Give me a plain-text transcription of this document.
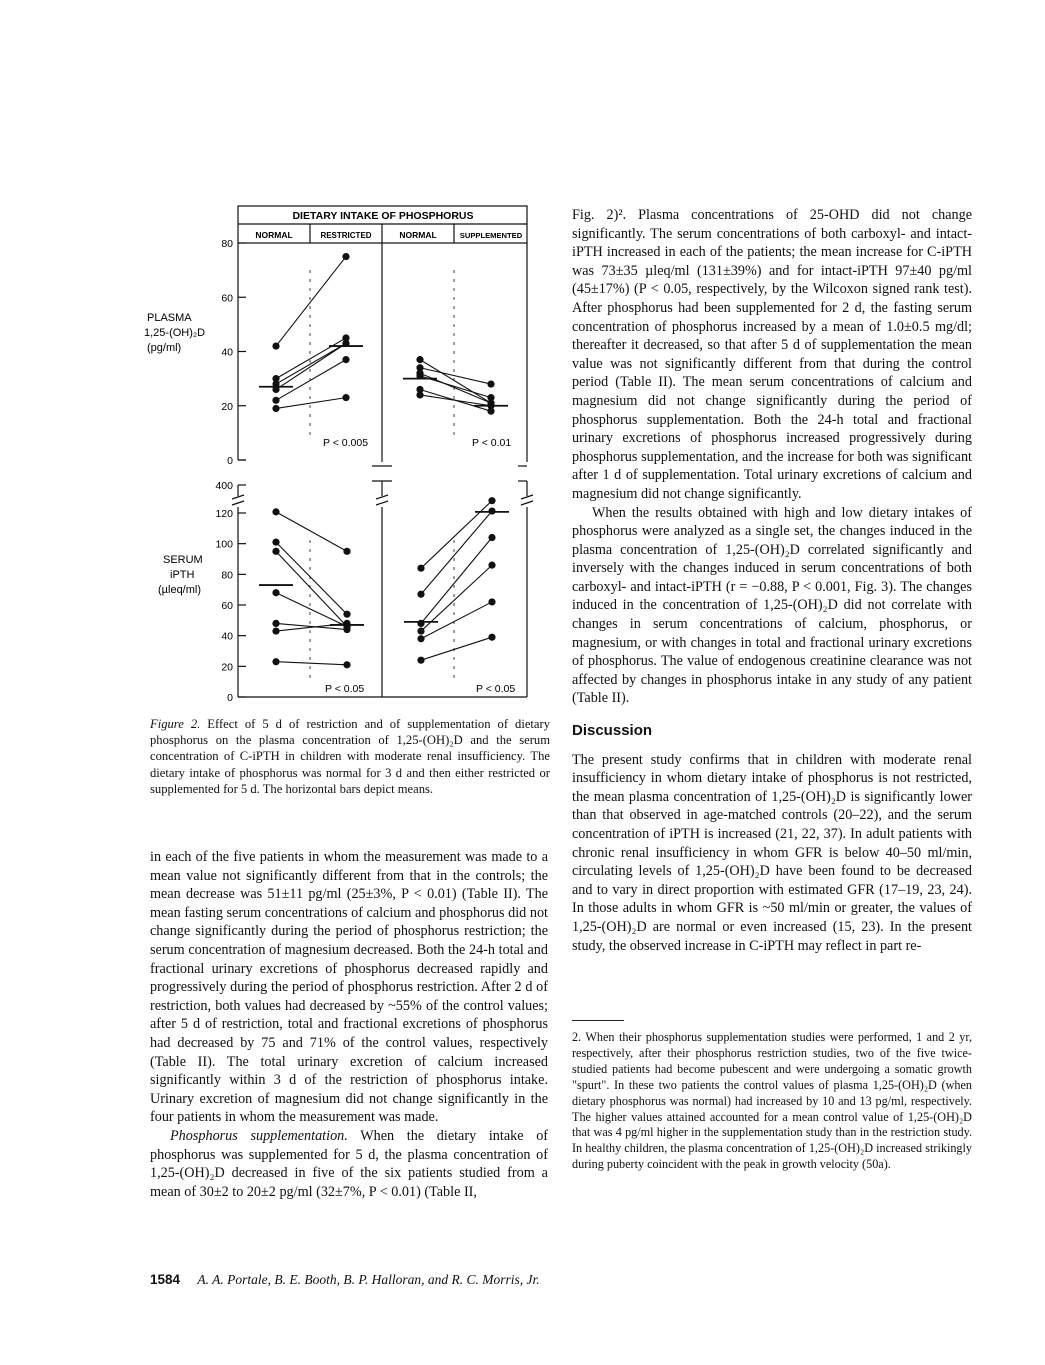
DIETARY INTAKE OF PHOSPHORUS
NORMAL	RESTRICTED	NORMAL	SUPPLEMENTED
PLASMA
1,25-(OH)₂D
(pg/ml)
SERUM
iPTH
(µleq/ml)
80
60
40
20
0
400
120
100
80
60
40
20
0
P < 0.005	P < 0.01
P < 0.05	P < 0.05
Figure 2. Effect of 5 d of restriction and of supplementation of dietary phosphorus on the plasma concentration of 1,25-(OH)₂D and the serum concentration of C-iPTH in children with moderate renal insufficiency. The dietary intake of phosphorus was normal for 3 d and then either restricted or supplemented for 5 d. The horizontal bars depict means.

in each of the five patients in whom the measurement was made to a mean value not significantly different from that in the controls; the mean decrease was 51±11 pg/ml (25±3%, P < 0.01) (Table II). The mean fasting serum concentrations of calcium and phosphorus did not change significantly during the period of phosphorus restriction; the serum concentration of magnesium decreased. Both the 24-h total and fractional urinary excretions of phosphorus decreased rapidly and progressively during the period of phosphorus restriction. After 2 d of restriction, both values had decreased by ~55% of the control values; after 5 d of restriction, total and fractional excretions of phosphorus had decreased by 75 and 71% of the control values, respectively (Table II). The total urinary excretion of calcium increased significantly within 3 d of the restriction of phosphorus intake. Urinary excretion of magnesium did not change significantly in the four patients in whom the measurement was made.

Phosphorus supplementation. When the dietary intake of phosphorus was supplemented for 5 d, the plasma concentration of 1,25-(OH)₂D decreased in five of the six patients studied from a mean of 30±2 to 20±2 pg/ml (32±7%, P < 0.01) (Table II,

Fig. 2)². Plasma concentrations of 25-OHD did not change significantly. The serum concentrations of both carboxyl- and intact-iPTH increased in each of the patients; the mean increase for C-iPTH was 73±35 µleq/ml (131±39%) and for intact-iPTH 97±40 pg/ml (45±17%) (P < 0.05, respectively, by the Wilcoxon signed rank test). After phosphorus had been supplemented for 2 d, the fasting serum concentration of phosphorus increased by a mean of 1.0±0.5 mg/dl; thereafter it decreased, so that after 5 d of supplementation the mean value was not significantly different from that during the control period (Table II). The mean serum concentrations of calcium and magnesium did not change significantly during the period of phosphorus supplementation. Both the 24-h total and fractional urinary excretions of phosphorus increased progressively during phosphorus supplementation, and the increase for both was significant after 1 d of supplementation. Total urinary excretions of calcium and magnesium did not change significantly.

When the results obtained with high and low dietary intakes of phosphorus were analyzed as a single set, the changes induced in the plasma concentration of 1,25-(OH)₂D correlated significantly and inversely with the changes induced in serum concentrations of both carboxyl- and intact-iPTH (r = −0.88, P < 0.001, Fig. 3). The changes induced in the concentration of 1,25-(OH)₂D did not correlate with changes in serum concentrations of calcium, phosphorus, or magnesium, or with changes in total and fractional urinary excretions of phosphorus. The value of endogenous creatinine clearance was not affected by changes in phosphorus intake in any study of any patient (Table II).

Discussion

The present study confirms that in children with moderate renal insufficiency in whom dietary intake of phosphorus is not restricted, the mean plasma concentration of 1,25-(OH)₂D is significantly lower than that observed in age-matched controls (20–22), and the serum concentration of iPTH is increased (21, 22, 37). In adult patients with chronic renal insufficiency in whom GFR is below 40–50 ml/min, circulating levels of 1,25-(OH)₂D have been found to be decreased and to vary in direct proportion with estimated GFR (17–19, 23, 24). In those adults in whom GFR is ~50 ml/min or greater, the values of 1,25-(OH)₂D are normal or even increased (15, 23). In the present study, the observed increase in C-iPTH may reflect in part re-

2. When their phosphorus supplementation studies were performed, 1 and 2 yr, respectively, after their phosphorus restriction studies, two of the five twice-studied patients had become pubescent and were undergoing a somatic growth "spurt". In these two patients the control values of plasma 1,25-(OH)₂D (when dietary phosphorus was normal) had increased by 10 and 13 pg/ml, respectively. The higher values attained accounted for a mean control value of 1,25-(OH)₂D that was 4 pg/ml higher in the supplementation study than in the restriction study. In healthy children, the plasma concentration of 1,25-(OH)₂D increased strikingly during puberty coincident with the peak in growth velocity (50a).
1584 A. A. Portale, B. E. Booth, B. P. Halloran, and R. C. Morris, Jr.
